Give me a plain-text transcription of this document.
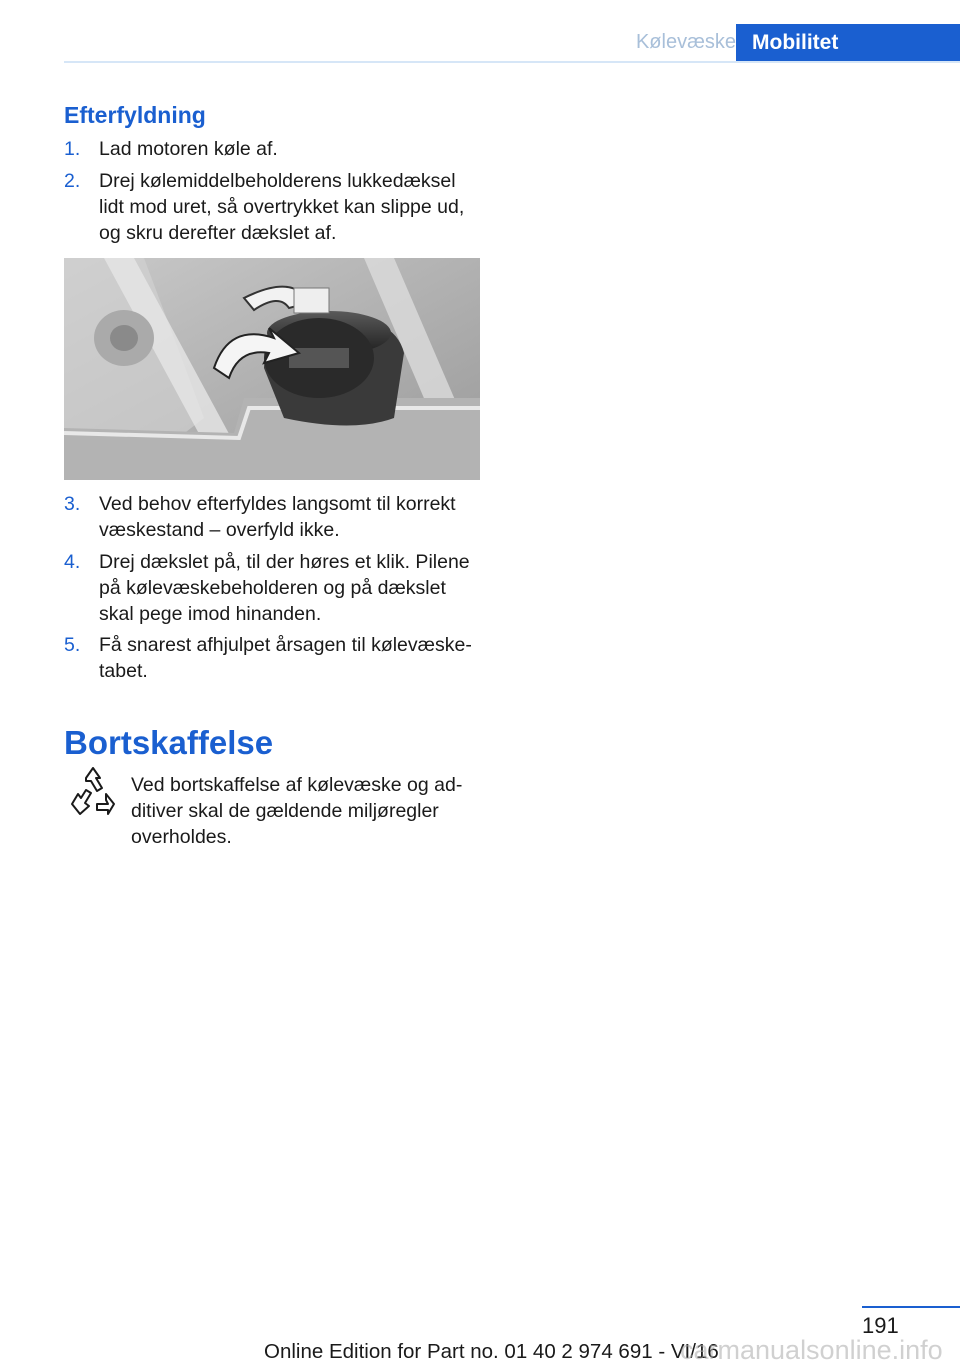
Kølevæske Mobilitet
Efterfyldning
1. Lad motoren køle af.
2. Drej kølemiddelbeholderens lukkedæksel lidt mod uret, så overtrykket kan slippe ud, og skru derefter dækslet af.
3. Ved behov efterfyldes langsomt til korrekt væskestand – overfyld ikke.
4. Drej dækslet på, til der høres et klik. Pilene på kølevæskebeholderen og på dækslet skal pege imod hinanden.
5. Få snarest afhjulpet årsagen til kølevæske-tabet.
Bortskaffelse
Ved bortskaffelse af kølevæske og ad-ditiver skal de gældende miljøregler overholdes.
191
Online Edition for Part no. 01 40 2 974 691 - VI/16
carmanualsonline.info
